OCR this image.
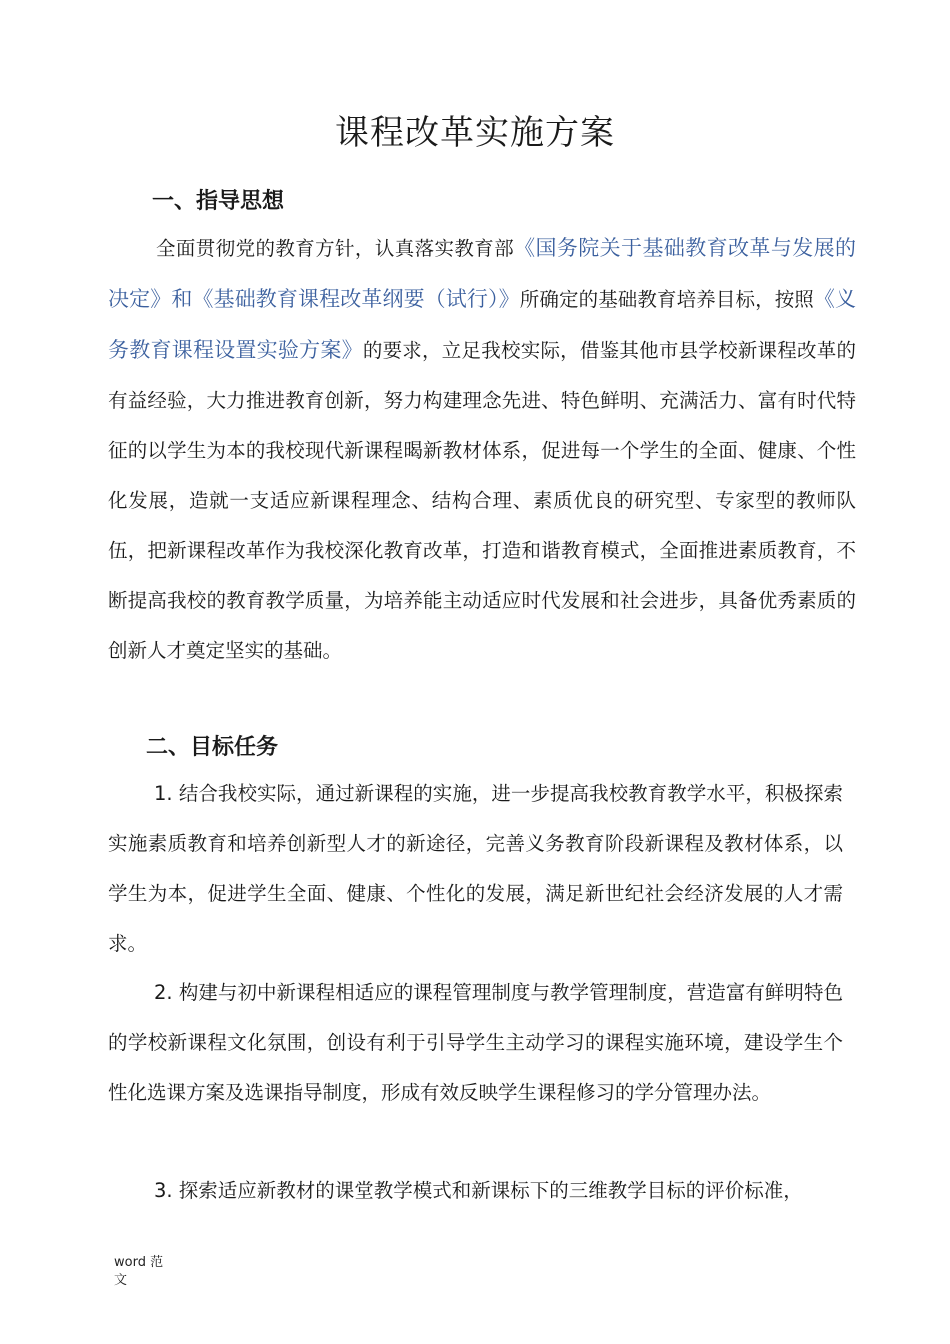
课程改革实施方案
一、指导思想

全面贯彻党的教育方针，认真落实教育部《国务院关于基础教育改革与发展的决定》和《基础教育课程改革纲要（试行）》所确定的基础教育培养目标，按照《义务教育课程设置实验方案》的要求，立足我校实际，借鉴其他市县学校新课程改革的有益经验，大力推进教育创新，努力构建理念先进、特色鲜明、充满活力、富有时代特征的以学生为本的我校现代新课程暍新教材体系，促进每一个学生的全面、健康、个性化发展，造就一支适应新课程理念、结构合理、素质优良的研究型、专家型的教师队伍，把新课程改革作为我校深化教育改革，打造和谐教育模式，全面推进素质教育，不断提高我校的教育教学质量，为培养能主动适应时代发展和社会进步，具备优秀素质的创新人才奠定坚实的基础。

二、目标任务

1. 结合我校实际，通过新课程的实施，进一步提高我校教育教学水平，积极探索实施素质教育和培养创新型人才的新途径，完善义务教育阶段新课程及教材体系，以学生为本，促进学生全面、健康、个性化的发展，满足新世纪社会经济发展的人才需求。

2. 构建与初中新课程相适应的课程管理制度与教学管理制度，营造富有鲜明特色的学校新课程文化氛围，创设有利于引导学生主动学习的课程实施环境，建设学生个性化选课方案及选课指导制度，形成有效反映学生课程修习的学分管理办法。

3. 探索适应新教材的课堂教学模式和新课标下的三维教学目标的评价标准，

word 范文
